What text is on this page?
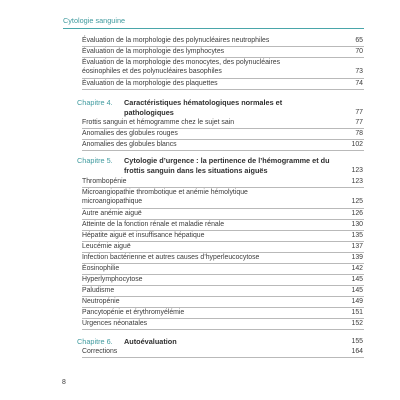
Cytologie sanguine
Évaluation de la morphologie des polynucléaires neutrophiles	65
Évaluation de la morphologie des lymphocytes	70
Évaluation de la morphologie des monocytes, des polynucléaires éosinophiles et des polynucléaires basophiles	73
Évaluation de la morphologie des plaquettes	74
Chapitre 4. Caractéristiques hématologiques normales et pathologiques	77
Frottis sanguin et hémogramme chez le sujet sain	77
Anomalies des globules rouges	78
Anomalies des globules blancs	102
Chapitre 5. Cytologie d’urgence : la pertinence de l’hémogramme et du frottis sanguin dans les situations aiguës	123
Thrombopénie	123
Microangiopathie thrombotique et anémie hémolytique microangiopathique	125
Autre anémie aiguë	126
Atteinte de la fonction rénale et maladie rénale	130
Hépatite aiguë et insuffisance hépatique	135
Leucémie aiguë	137
Infection bactérienne et autres causes d’hyperleucocytose	139
Éosinophilie	142
Hyperlymphocytose	145
Paludisme	145
Neutropénie	149
Pancytopénie et érythromyélémie	151
Urgences néonatales	152
Chapitre 6. Autoévaluation	155
Corrections	164
8
